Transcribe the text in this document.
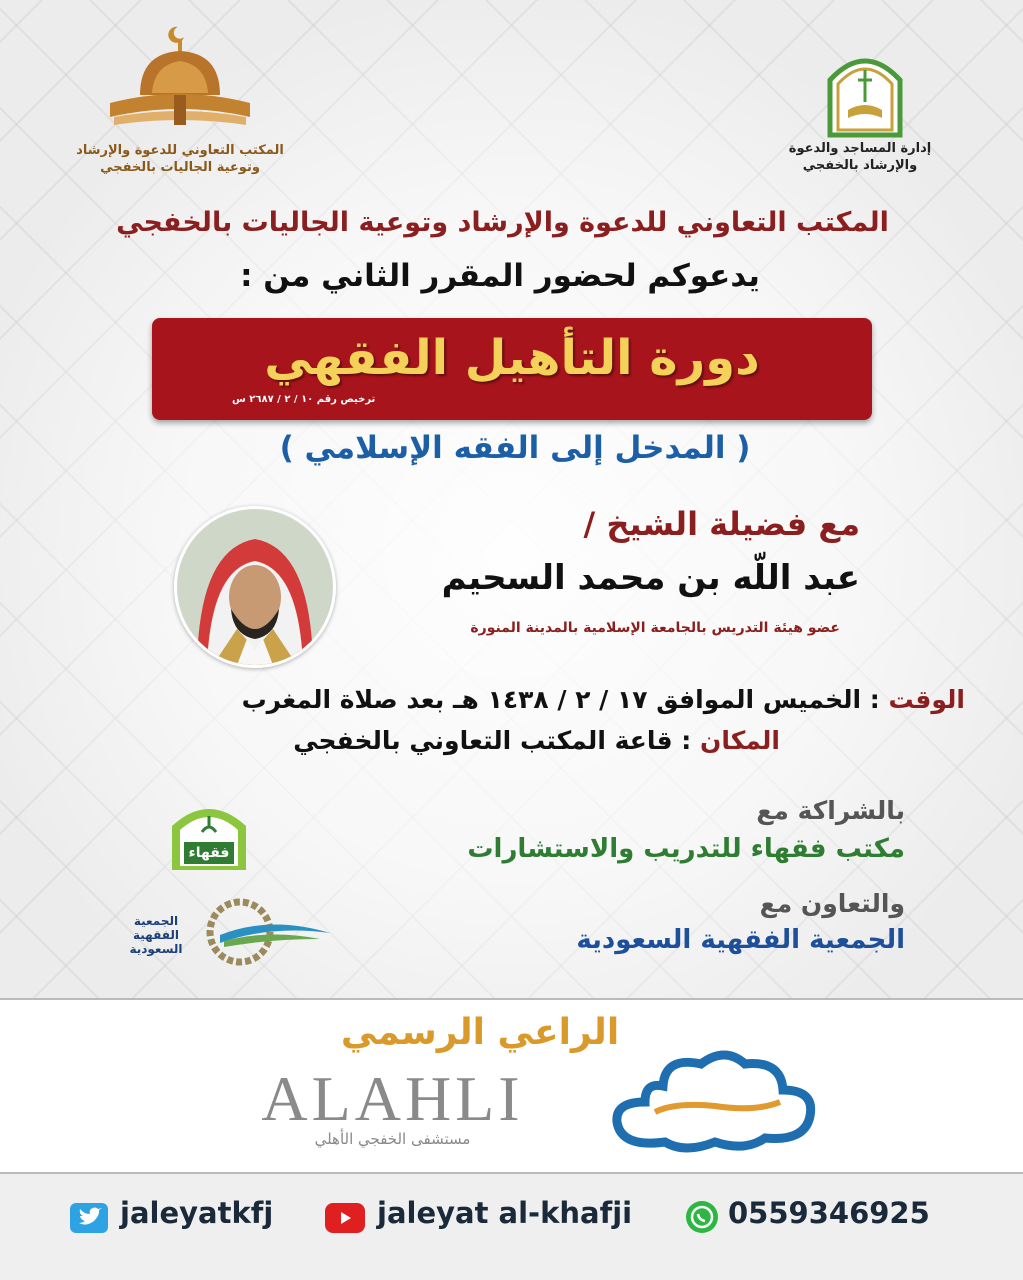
المكتب التعاوني للدعوة والإرشاد
وتوعية الجاليات بالخفجي
إدارة المساجد والدعوة
والإرشاد بالخفجي
المكتب التعاوني للدعوة والإرشاد وتوعية الجاليات بالخفجي
يدعوكم لحضور المقرر الثاني من :
دورة التأهيل الفقهي
ترخيص رقم ١٠ / ٢ / ٢٦٨٧ س
( المدخل إلى الفقه الإسلامي )
مع فضيلة الشيخ /
عبد اللّه بن محمد السحيم
عضو هيئة التدريس بالجامعة الإسلامية بالمدينة المنورة
الوقت : الخميس الموافق ١٧ / ٢ / ١٤٣٨ هـ بعد صلاة المغرب
المكان : قاعة المكتب التعاوني بالخفجي
فقهاء
بالشراكة مع
مكتب فقهاء للتدريب والاستشارات
الجمعية
الفقهية
السعودية
والتعاون مع
الجمعية الفقهية السعودية
الراعي الرسمي
ALAHLI
مستشفى الخفجي الأهلي
jaleyatkfj	jaleyat al-khafji	0559346925
